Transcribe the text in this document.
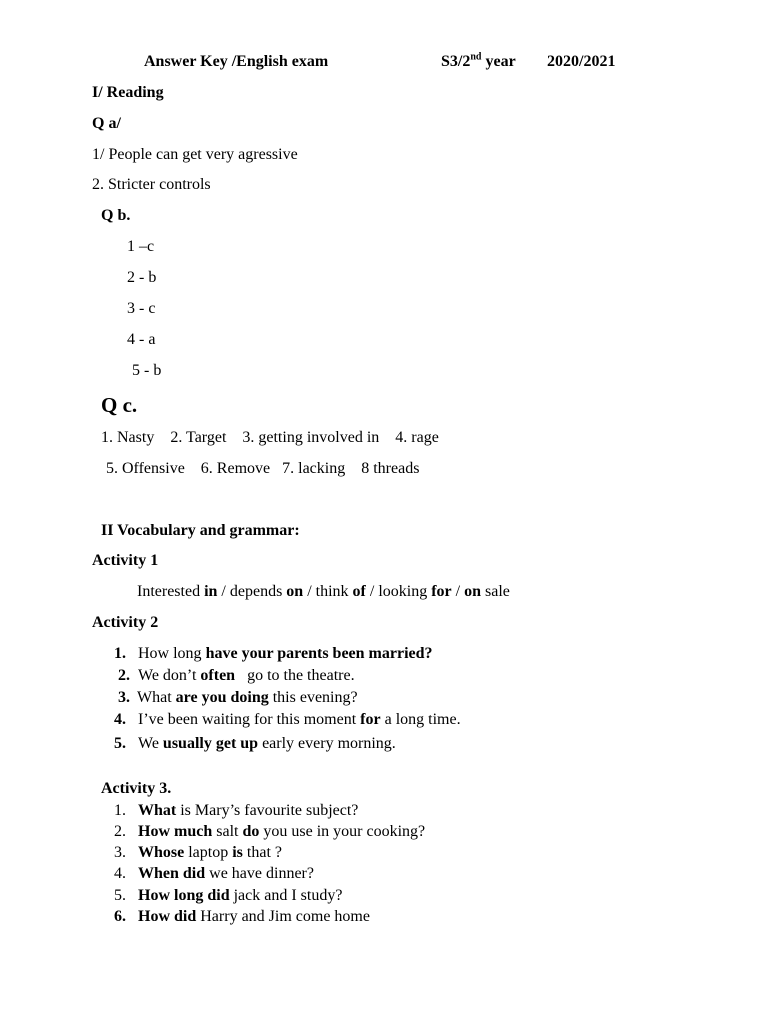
Answer Key /English exam	S3/2nd year 2020/2021
I/ Reading
Q a/
1/ People can get very agressive
2. Stricter controls
Q b.
1 –c
2 - b
3 - c
4 - a
5 - b
Q c.
1. Nasty    2. Target    3. getting involved in    4. rage
5. Offensive    6. Remove   7. lacking    8 threads
II Vocabulary and grammar:
Activity 1
Interested in / depends on / think of / looking for / on sale
Activity 2
1. How long have your parents been married?
2. We don’t often   go to the theatre.
3. What are you doing this evening?
4. I’ve been waiting for this moment for a long time.
5. We usually get up early every morning.
Activity 3.
1. What is Mary’s favourite subject?
2. How much salt do you use in your cooking?
3. Whose laptop is that ?
4. When did we have dinner?
5. How long did jack and I study?
6. How did Harry and Jim come home
